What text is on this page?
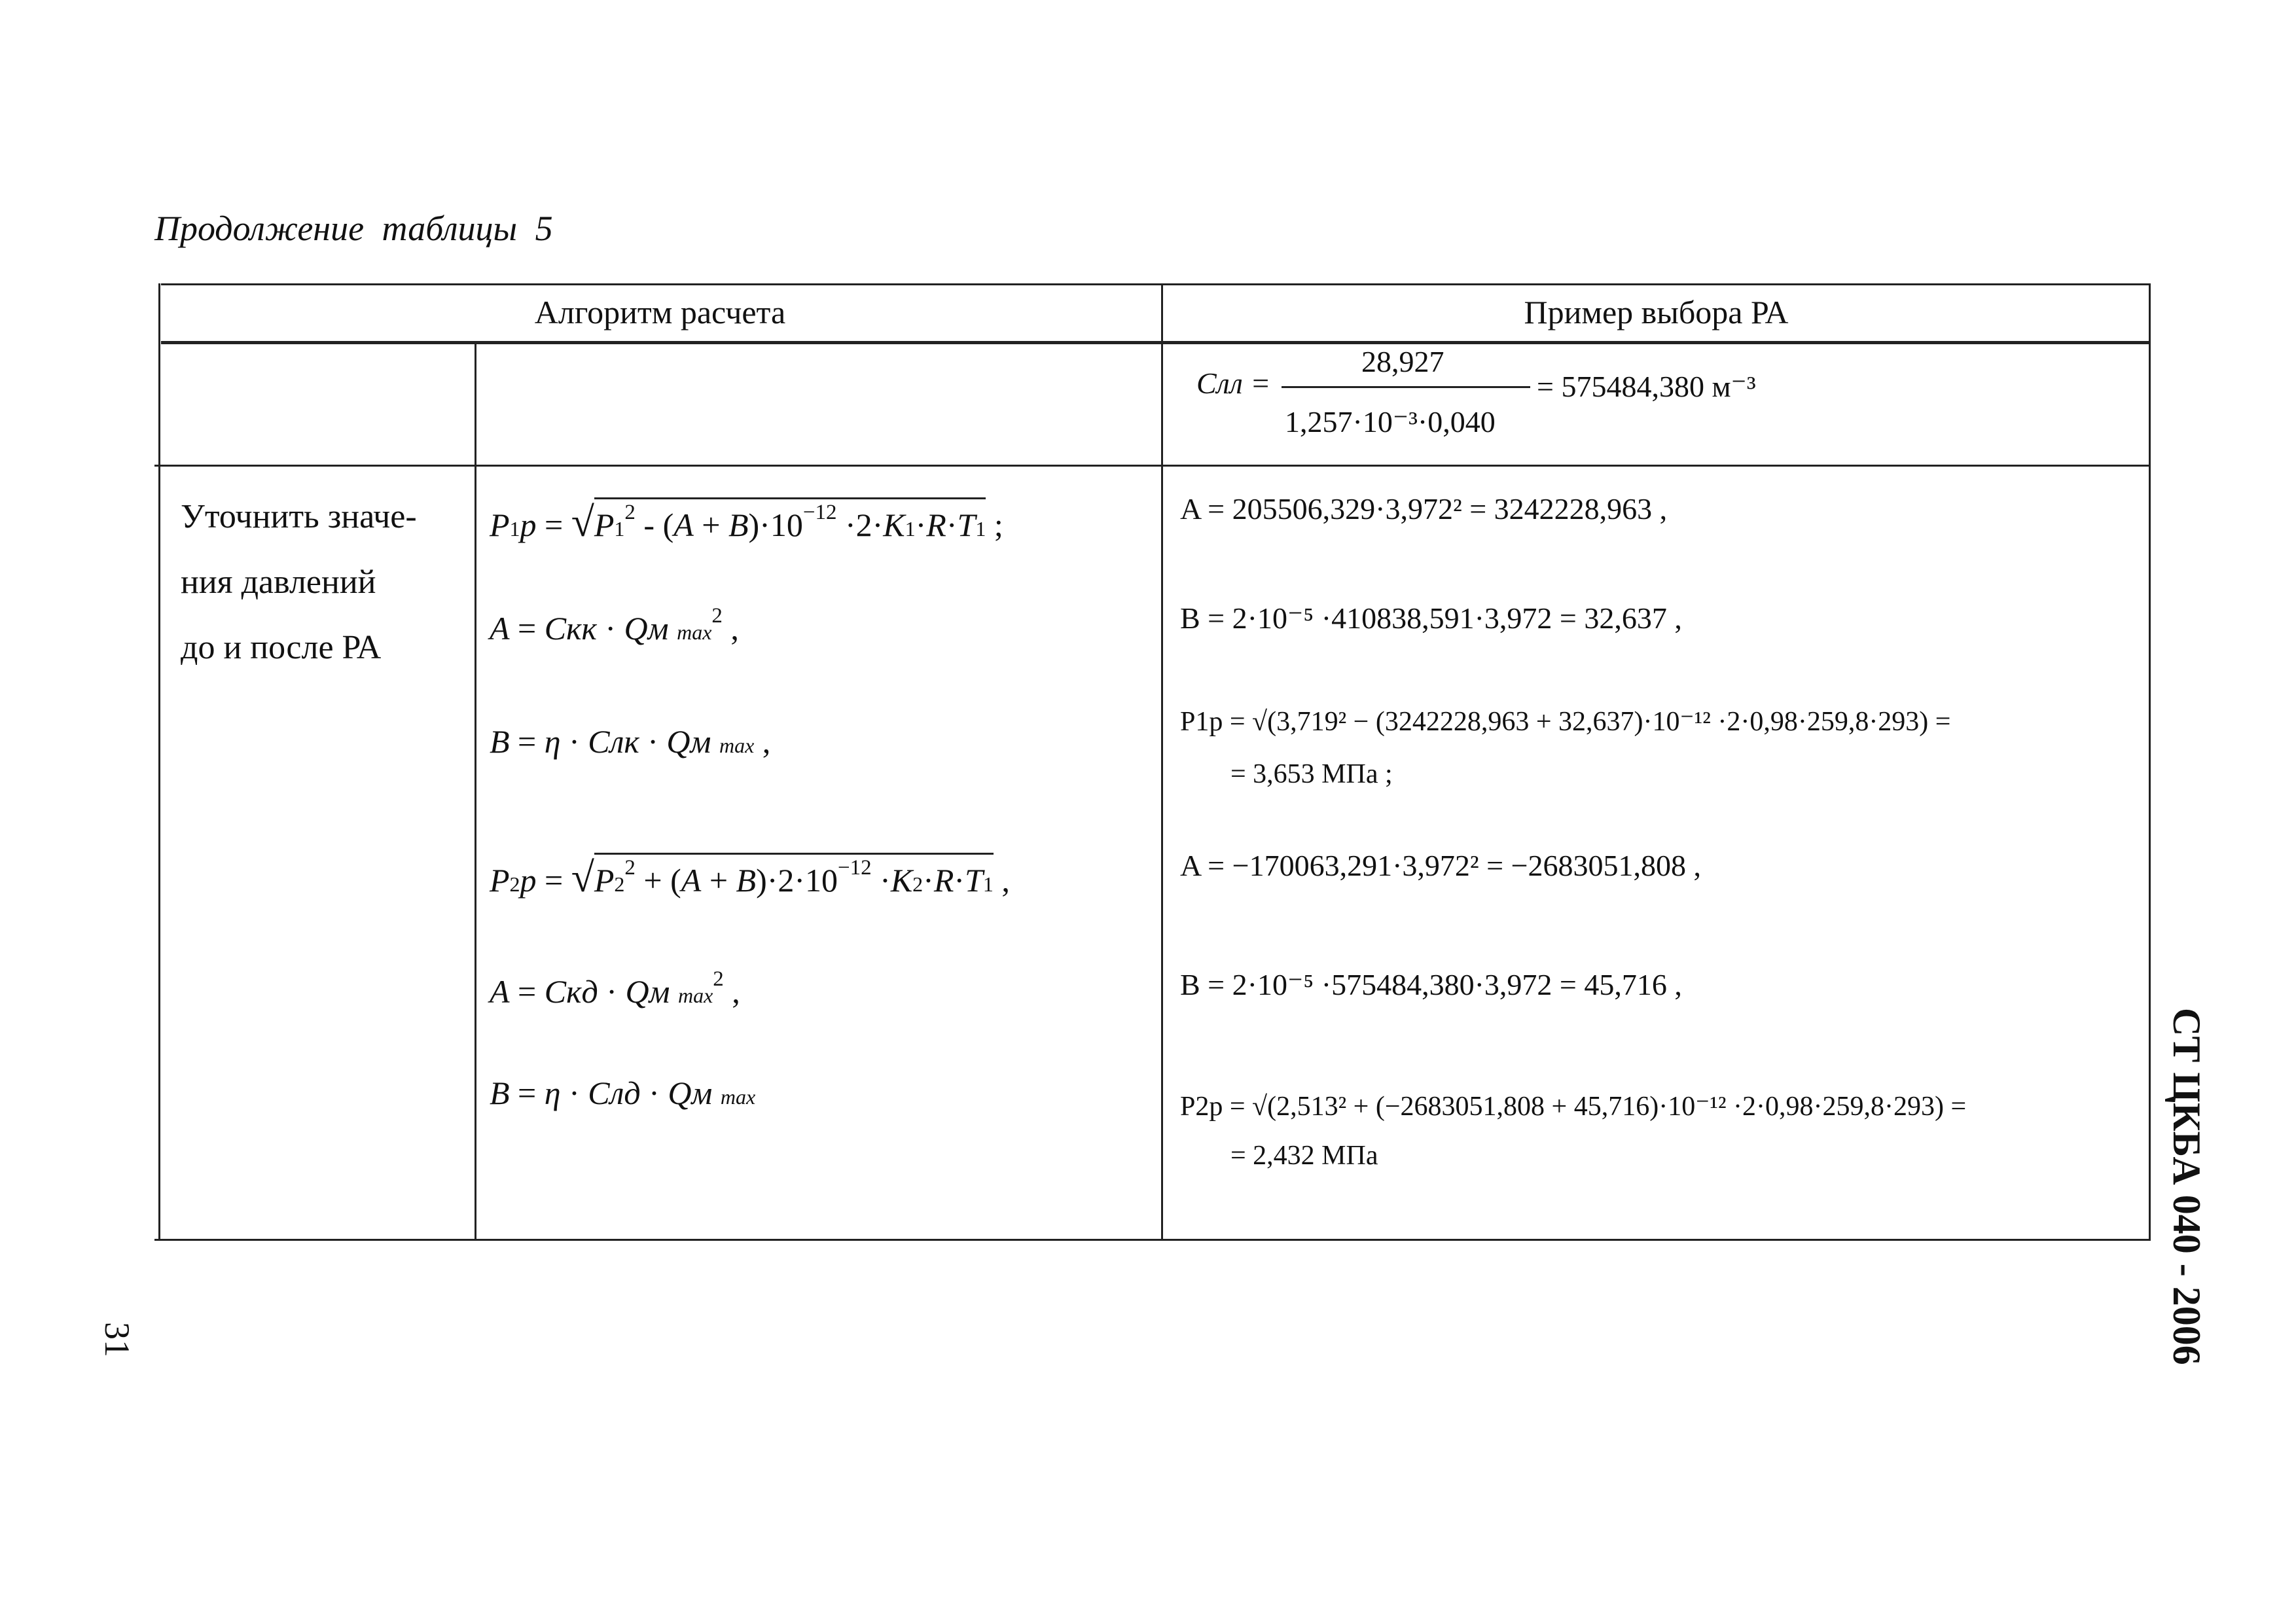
Продолжение таблицы 5
Алгоритм расчета	Пример выбора РА
Cлл =
28,927
1,257·10⁻³·0,040
= 575484,380 м⁻³
Уточнить значе-
ния давлений
до и после РА
$P1p = √P1^2 - (A + B)\cdot 10^{-12} \cdot 2\cdot K1\cdot R\cdot T1$ ;
A = Cкк · Qм $\max^2$ ,
B = η · Cлк · Qм max ,
$P2p = √P2^2 + (A + B)\cdot 2\cdot 10^{-12} \cdot K2\cdot R\cdot T1$ ,
A = Cкд · Qм $\max^2$ ,
B = η · Cлд · Qм max
A = 205506,329·3,972² = 3242228,963 ,
B = 2·10⁻⁵ ·410838,591·3,972 = 32,637 ,
P1p = √(3,719² − (3242228,963 + 32,637)·10⁻¹² ·2·0,98·259,8·293) =
= 3,653 МПа ;
A = −170063,291·3,972² = −2683051,808 ,
B = 2·10⁻⁵ ·575484,380·3,972 = 45,716 ,
P2p = √(2,513² + (−2683051,808 + 45,716)·10⁻¹² ·2·0,98·259,8·293) =
= 2,432 МПа
31	СТ ЦКБА 040 - 2006
